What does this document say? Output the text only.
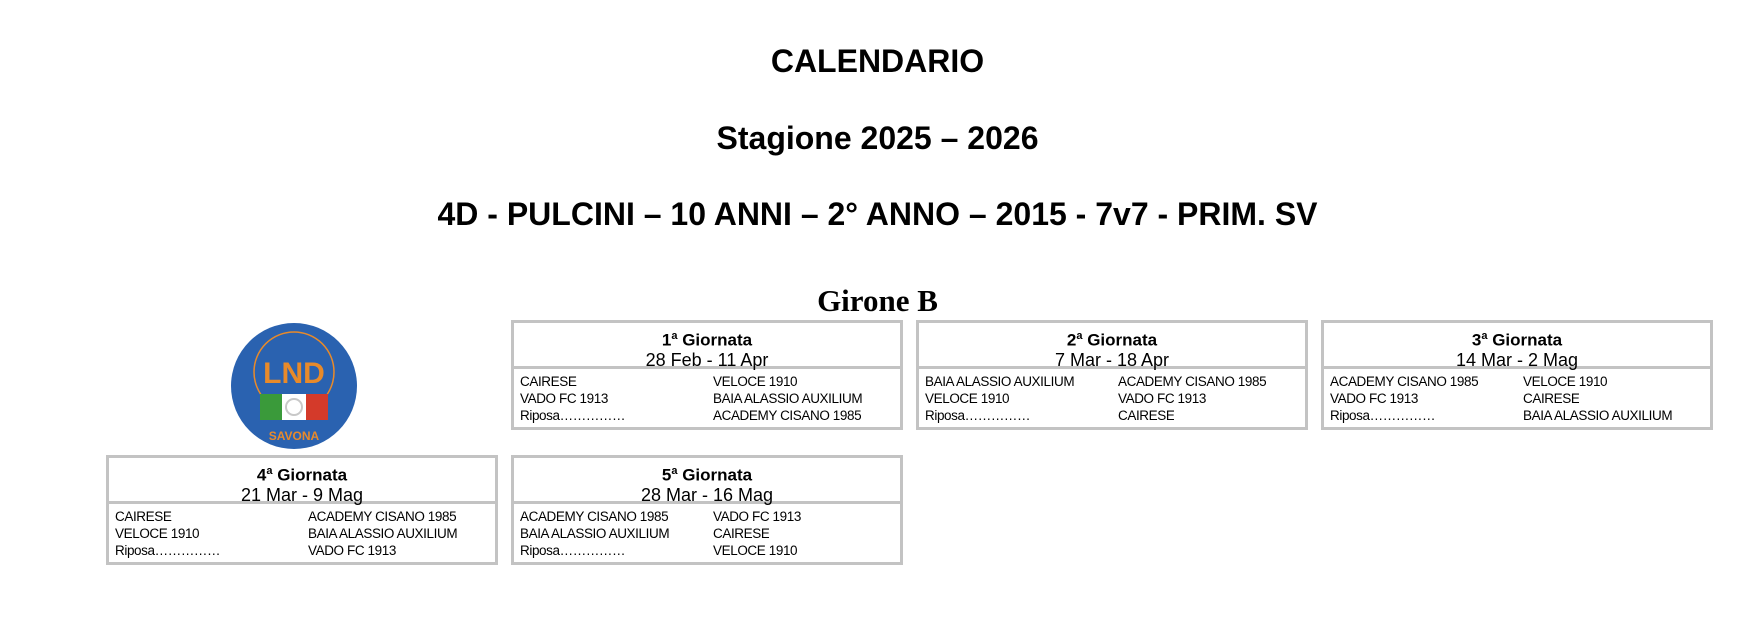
CALENDARIO
Stagione 2025 – 2026
4D - PULCINI – 10 ANNI – 2° ANNO – 2015 - 7v7 - PRIM. SV
Girone B
LND
SAVONA
1$^a$ Giornata
28 Feb - 11 Apr
CAIRESE	VELOCE 1910
VADO FC 1913	BAIA ALASSIO AUXILIUM
Riposa……………	ACADEMY CISANO 1985
2$^a$ Giornata
7 Mar - 18 Apr
BAIA ALASSIO AUXILIUM	ACADEMY CISANO 1985
VELOCE 1910	VADO FC 1913
Riposa……………	CAIRESE
3$^a$ Giornata
14 Mar - 2 Mag
ACADEMY CISANO 1985	VELOCE 1910
VADO FC 1913	CAIRESE
Riposa……………	BAIA ALASSIO AUXILIUM
4$^a$ Giornata
21 Mar - 9 Mag
CAIRESE	ACADEMY CISANO 1985
VELOCE 1910	BAIA ALASSIO AUXILIUM
Riposa……………	VADO FC 1913
5$^a$ Giornata
28 Mar - 16 Mag
ACADEMY CISANO 1985	VADO FC 1913
BAIA ALASSIO AUXILIUM	CAIRESE
Riposa……………	VELOCE 1910
